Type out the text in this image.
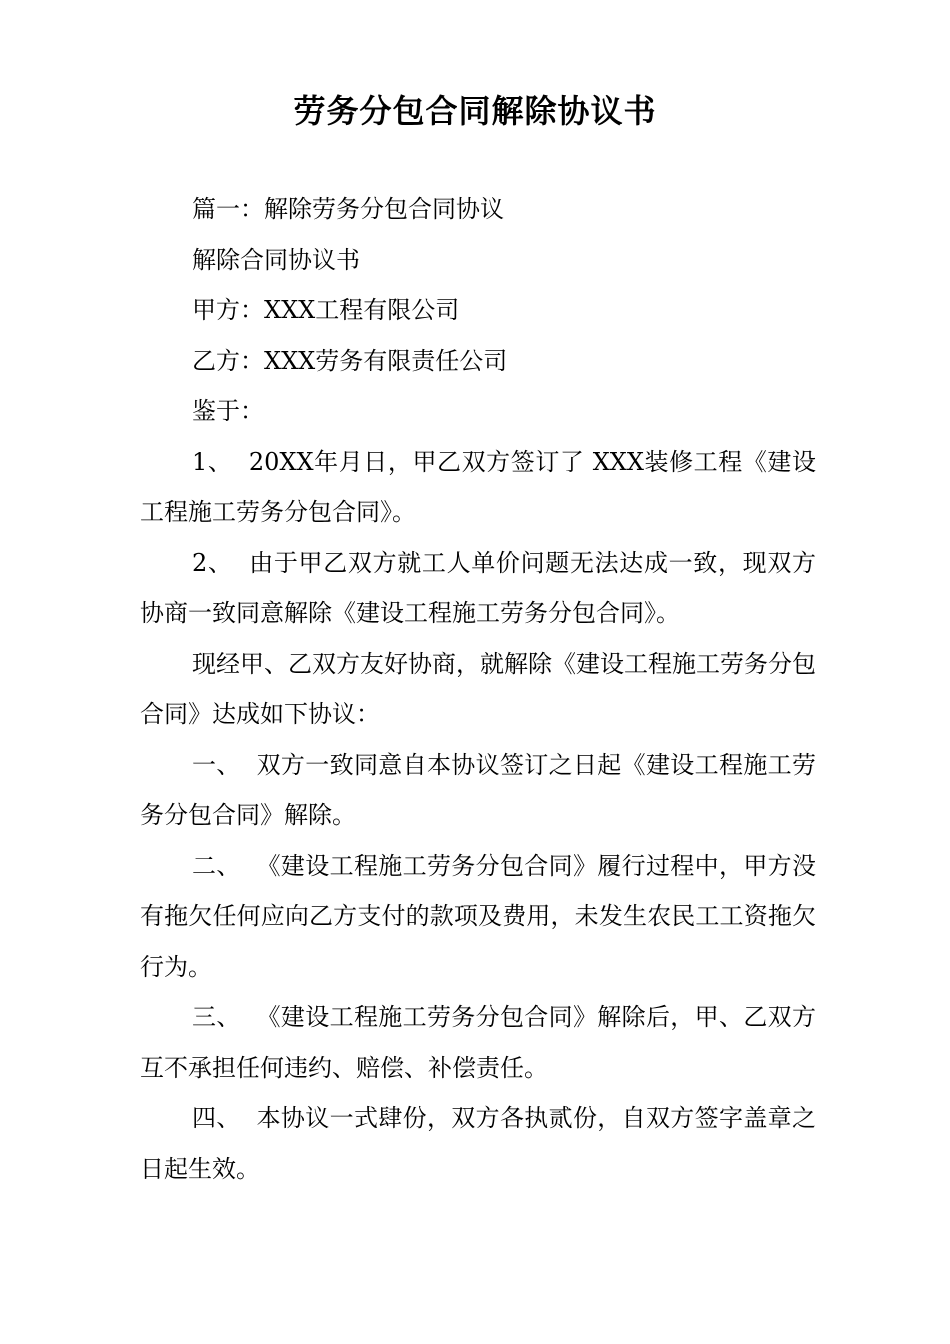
劳务分包合同解除协议书

篇一：解除劳务分包合同协议

解除合同协议书

甲方：XXX工程有限公司

乙方：XXX劳务有限责任公司

鉴于：

1、  20XX年月日，甲乙双方签订了 XXX装修工程《建设工程施工劳务分包合同》。

2、  由于甲乙双方就工人单价问题无法达成一致，现双方协商一致同意解除《建设工程施工劳务分包合同》。

现经甲、乙双方友好协商，就解除《建设工程施工劳务分包合同》达成如下协议：

一、  双方一致同意自本协议签订之日起《建设工程施工劳务分包合同》解除。

二、  《建设工程施工劳务分包合同》履行过程中，甲方没有拖欠任何应向乙方支付的款项及费用，未发生农民工工资拖欠行为。

三、  《建设工程施工劳务分包合同》解除后，甲、乙双方互不承担任何违约、赔偿、补偿责任。

四、  本协议一式肆份，双方各执贰份，自双方签字盖章之日起生效。
